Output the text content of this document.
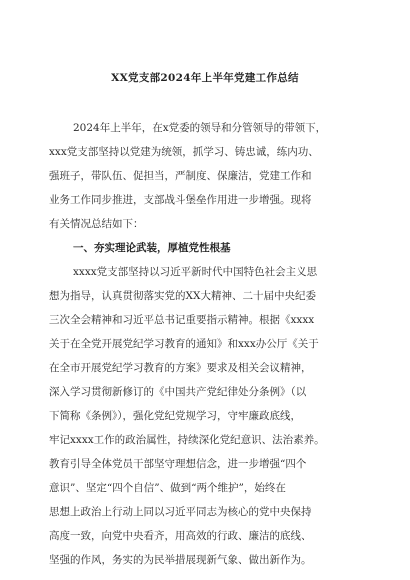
XX党支部2024年上半年党建工作总结
2024年上半年，在x党委的领导和分管领导的带领下，
xxx党支部坚持以党建为统领，抓学习、铸忠诚，练内功、
强班子，带队伍、促担当，严制度、保廉洁，党建工作和
业务工作同步推进，支部战斗堡垒作用进一步增强。现将
有关情况总结如下：
一、夯实理论武装，厚植党性根基
xxxx党支部坚持以习近平新时代中国特色社会主义思
想为指导，认真贯彻落实党的XX大精神、二十届中央纪委
三次全会精神和习近平总书记重要指示精神。根据《xxxx
关于在全党开展党纪学习教育的通知》和xxx办公厅《关于
在全市开展党纪学习教育的方案》要求及相关会议精神，
深入学习贯彻新修订的《中国共产党纪律处分条例》（以
下简称《条例》），强化党纪党规学习，守牢廉政底线，
牢记xxxx工作的政治属性，持续深化党纪意识、法治素养。
教育引导全体党员干部坚守理想信念，进一步增强“四个
意识”、坚定“四个自信”、做到“两个维护”，始终在
思想上政治上行动上同以习近平同志为核心的党中央保持
高度一致，向党中央看齐，用高效的行政、廉洁的底线、
坚强的作风，务实的为民举措展现新气象、做出新作为。
